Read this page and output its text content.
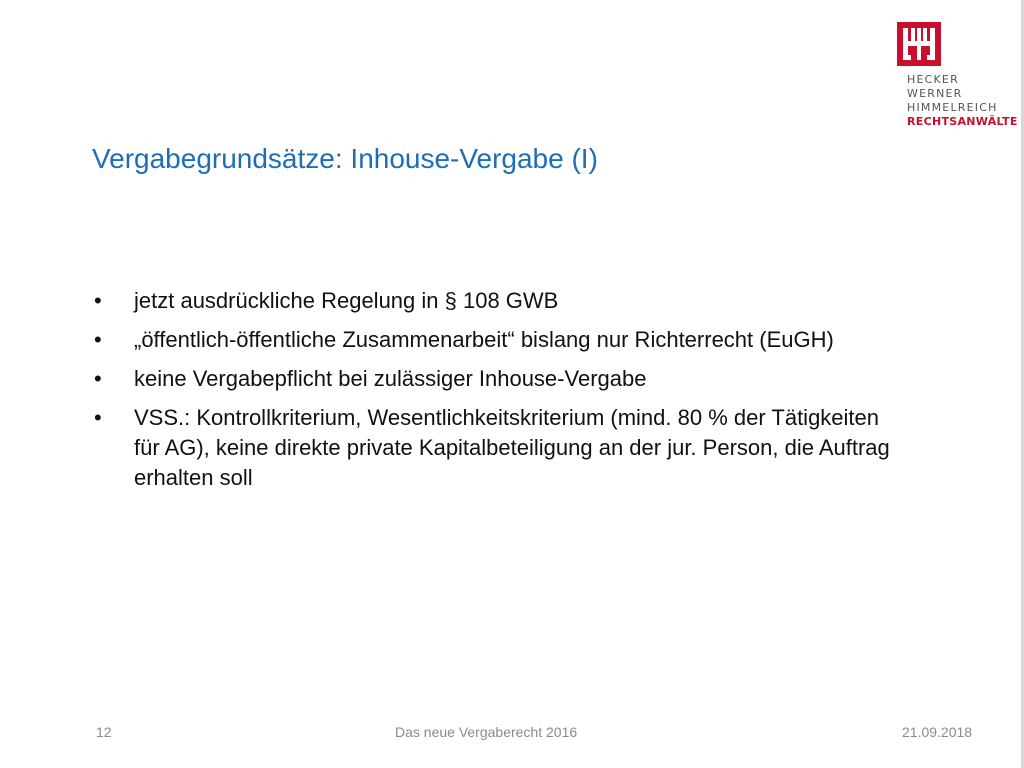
HECKER
WERNER
HIMMELREICH
RECHTSANWÄLTE
Vergabegrundsätze: Inhouse-Vergabe (I)
•	jetzt ausdrückliche Regelung in § 108 GWB
•	„öffentlich-öffentliche Zusammenarbeit“ bislang nur Richterrecht (EuGH)
•	keine Vergabepflicht bei zulässiger Inhouse-Vergabe
•	VSS.: Kontrollkriterium, Wesentlichkeitskriterium (mind. 80 % der Tätigkeiten für AG), keine direkte private Kapitalbeteiligung an der jur. Person, die Auftrag erhalten soll
12	Das neue Vergaberecht 2016	21.09.2018
